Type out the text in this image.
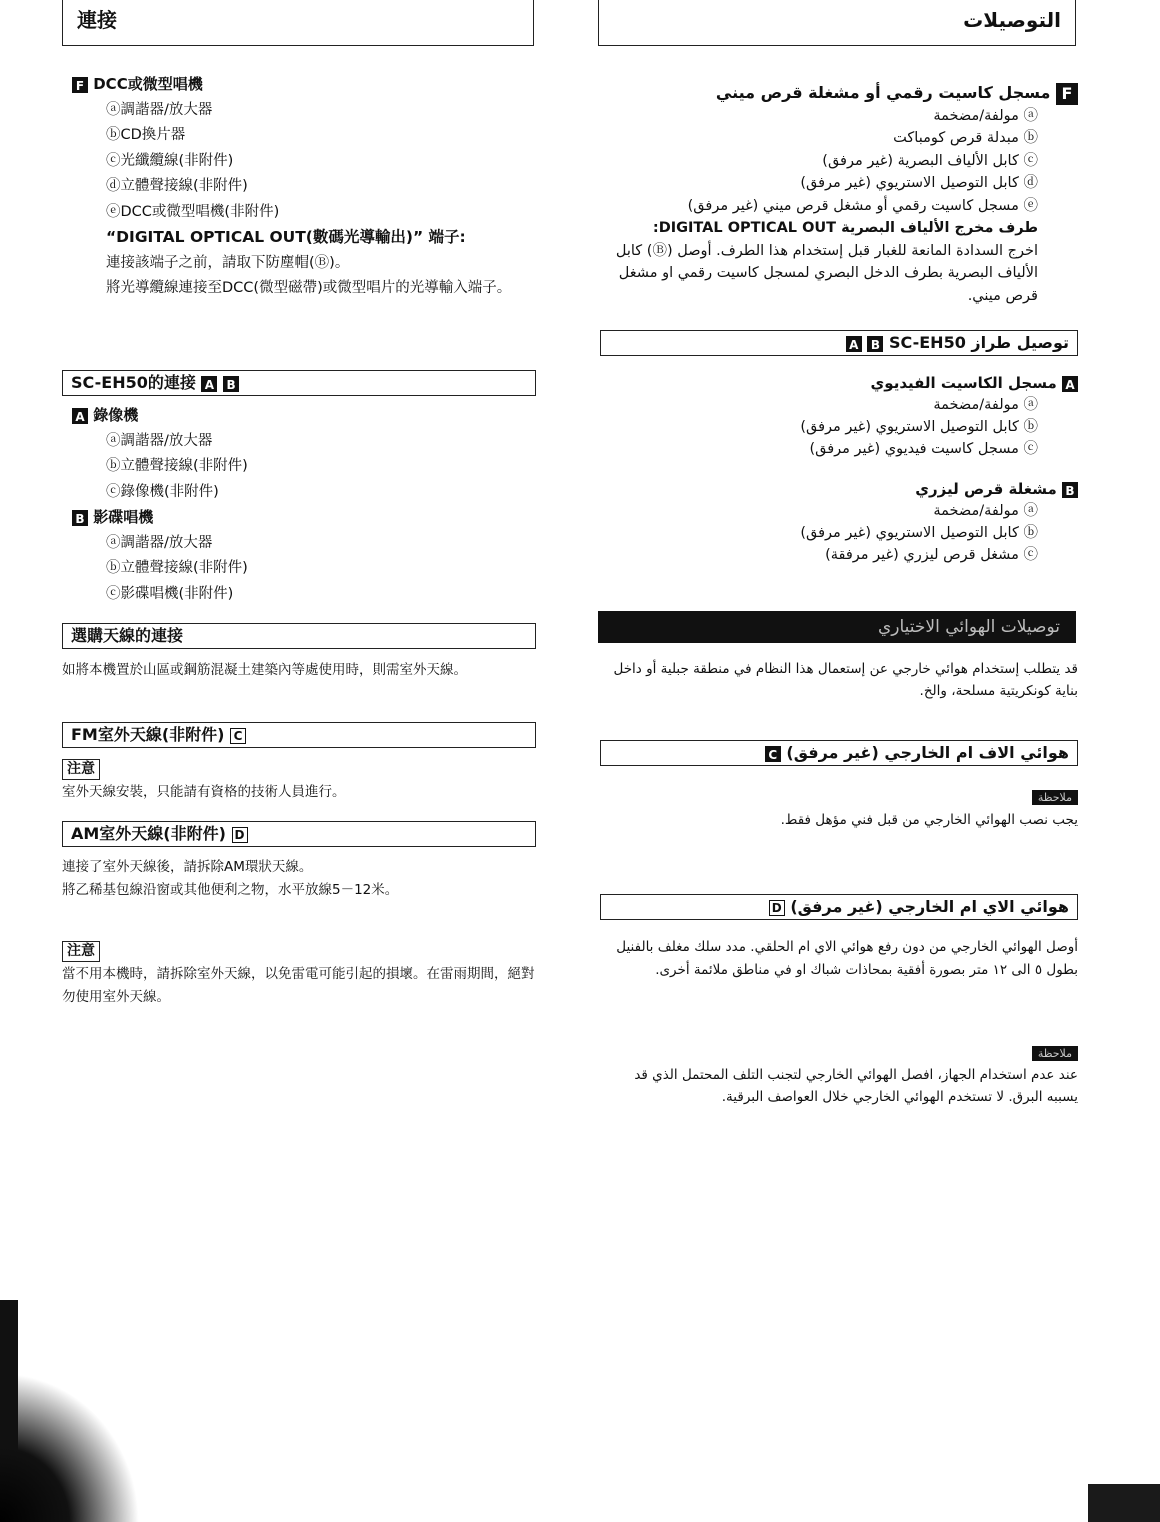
連接
F DCC或微型唱機
ⓐ調諧器/放大器
ⓑCD換片器
ⓒ光纖纜線(非附件)
ⓓ立體聲接線(非附件)
ⓔDCC或微型唱機(非附件)
“DIGITAL OPTICAL OUT(數碼光導輸出)” 端子:
連接該端子之前，請取下防塵帽(Ⓑ)。
將光導纜線連接至DCC(微型磁帶)或微型唱片的光導輸入端子。
SC-EH50的連接 A B
A 錄像機
ⓐ調諧器/放大器
ⓑ立體聲接線(非附件)
ⓒ錄像機(非附件)
B 影碟唱機
ⓐ調諧器/放大器
ⓑ立體聲接線(非附件)
ⓒ影碟唱機(非附件)
選購天線的連接
如將本機置於山區或鋼筋混凝土建築內等處使用時，則需室外天線。
FM室外天線(非附件) C
注意
室外天線安裝，只能請有資格的技術人員進行。
AM室外天線(非附件) D
連接了室外天線後，請拆除AM環狀天線。
將乙稀基包線沿窗或其他便利之物，水平放線5－12米。
注意
當不用本機時，請拆除室外天線，以免雷電可能引起的損壞。在雷雨期間，絕對勿使用室外天線。
التوصيلات
F مسجل كاسيت رقمي أو مشغلة قرص ميني
ⓐ مولفة/مضخمة
ⓑ مبدلة قرص كومباكت
ⓒ كابل الألياف البصرية (غير مرفق)
ⓓ كابل التوصيل الاستريوي (غير مرفق)
ⓔ مسجل كاسيت رقمي أو مشغل قرص ميني (غير مرفق)
طرف مخرج الألياف البصرية DIGITAL OPTICAL OUT:
اخرج السدادة المانعة للغبار قبل إستخدام هذا الطرف. أوصل (Ⓑ) كابل الألياف البصرية بطرف الدخل البصري لمسجل كاسيت رقمي او مشغل قرص ميني.
توصيل طراز SC-EH50 B A
A مسجل الكاسيت الفيديوي
ⓐ مولفة/مضخمة
ⓑ كابل التوصيل الاستريوي (غير مرفق)
ⓒ مسجل كاسيت فيديوي (غير مرفق)
B مشغلة قرص ليزري
ⓐ مولفة/مضخمة
ⓑ كابل التوصيل الاستريوي (غير مرفق)
ⓒ مشغل قرص ليزري (غير مرفقة)
توصيلات الهوائي الاختياري
قد يتطلب إستخدام هوائي خارجي عن إستعمال هذا النظام في منطقة جبلية أو داخل بناية كونكريتية مسلحة، والخ.
هوائي الاف ام الخارجي (غير مرفق) C
ملاحظة
يجب نصب الهوائي الخارجي من قبل فني مؤهل فقط.
هوائي الاي ام الخارجي (غير مرفق) D
أوصل الهوائي الخارجي من دون رفع هوائي الاي ام الحلقي. مدد سلك مغلف بالفنيل بطول ٥ الى ١٢ متر بصورة أفقية بمحاذات شباك او في مناطق ملائمة أخرى.
ملاحظة
عند عدم استخدام الجهاز، افصل الهوائي الخارجي لتجنب التلف المحتمل الذي قد يسببه البرق. لا تستخدم الهوائي الخارجي خلال العواصف البرقية.
